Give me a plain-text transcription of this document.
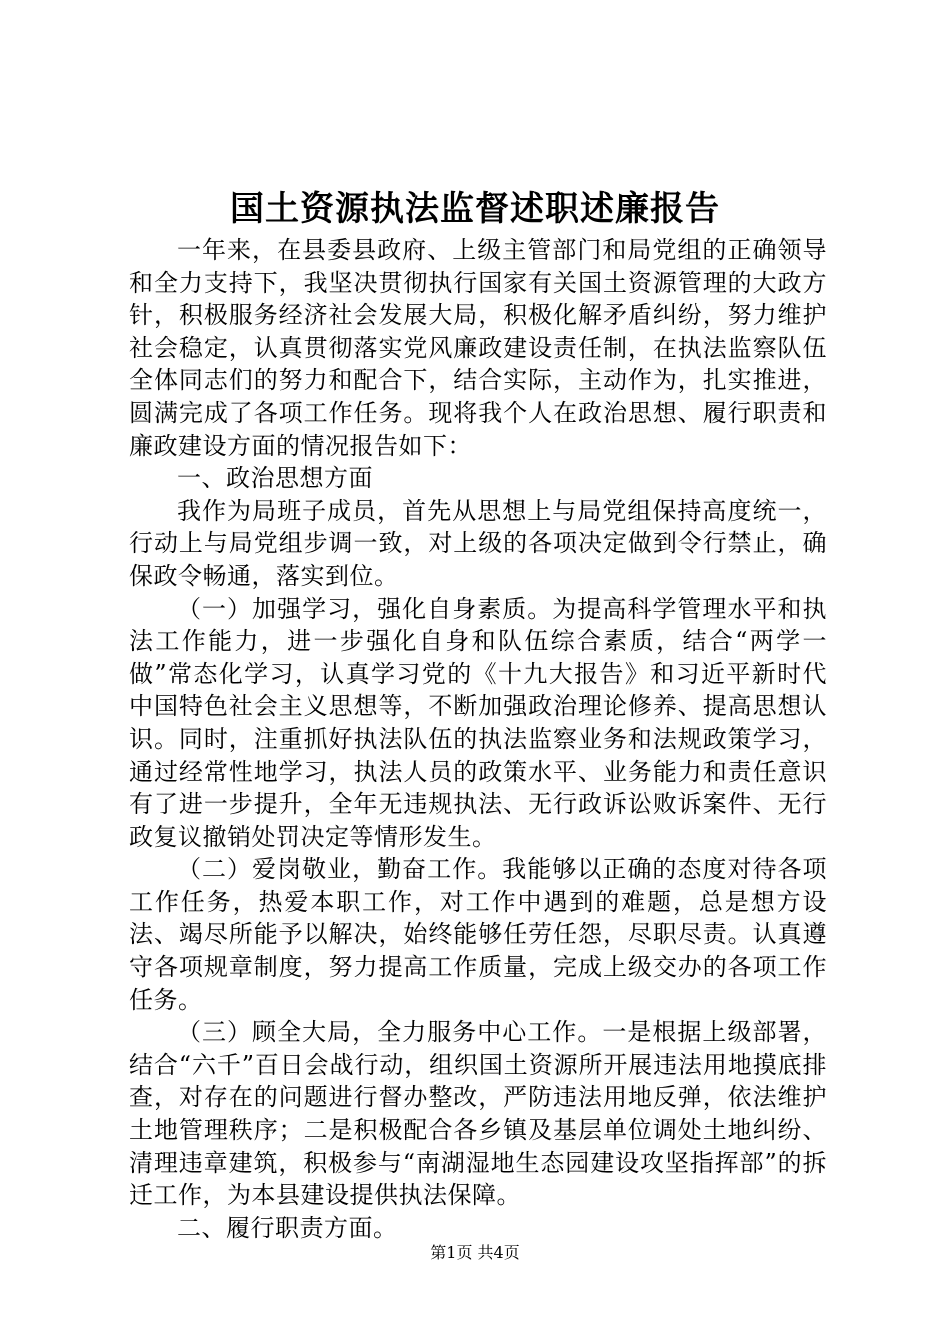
国土资源执法监督述职述廉报告

一年来，在县委县政府、上级主管部门和局党组的正确领导和全力支持下，我坚决贯彻执行国家有关国土资源管理的大政方针，积极服务经济社会发展大局，积极化解矛盾纠纷，努力维护社会稳定，认真贯彻落实党风廉政建设责任制，在执法监察队伍全体同志们的努力和配合下，结合实际，主动作为，扎实推进，圆满完成了各项工作任务。现将我个人在政治思想、履行职责和廉政建设方面的情况报告如下：

一、政治思想方面

我作为局班子成员，首先从思想上与局党组保持高度统一，行动上与局党组步调一致，对上级的各项决定做到令行禁止，确保政令畅通，落实到位。

（一）加强学习，强化自身素质。为提高科学管理水平和执法工作能力，进一步强化自身和队伍综合素质，结合“两学一做”常态化学习，认真学习党的《十九大报告》和习近平新时代中国特色社会主义思想等，不断加强政治理论修养、提高思想认识。同时，注重抓好执法队伍的执法监察业务和法规政策学习，通过经常性地学习，执法人员的政策水平、业务能力和责任意识有了进一步提升，全年无违规执法、无行政诉讼败诉案件、无行政复议撤销处罚决定等情形发生。

（二）爱岗敬业，勤奋工作。我能够以正确的态度对待各项工作任务，热爱本职工作，对工作中遇到的难题，总是想方设法、竭尽所能予以解决，始终能够任劳任怨，尽职尽责。认真遵守各项规章制度，努力提高工作质量，完成上级交办的各项工作任务。

（三）顾全大局，全力服务中心工作。一是根据上级部署，结合“六千”百日会战行动，组织国土资源所开展违法用地摸底排查，对存在的问题进行督办整改，严防违法用地反弹，依法维护土地管理秩序；二是积极配合各乡镇及基层单位调处土地纠纷、清理违章建筑，积极参与“南湖湿地生态园建设攻坚指挥部”的拆迁工作，为本县建设提供执法保障。

二、履行职责方面。

第1页 共4页
